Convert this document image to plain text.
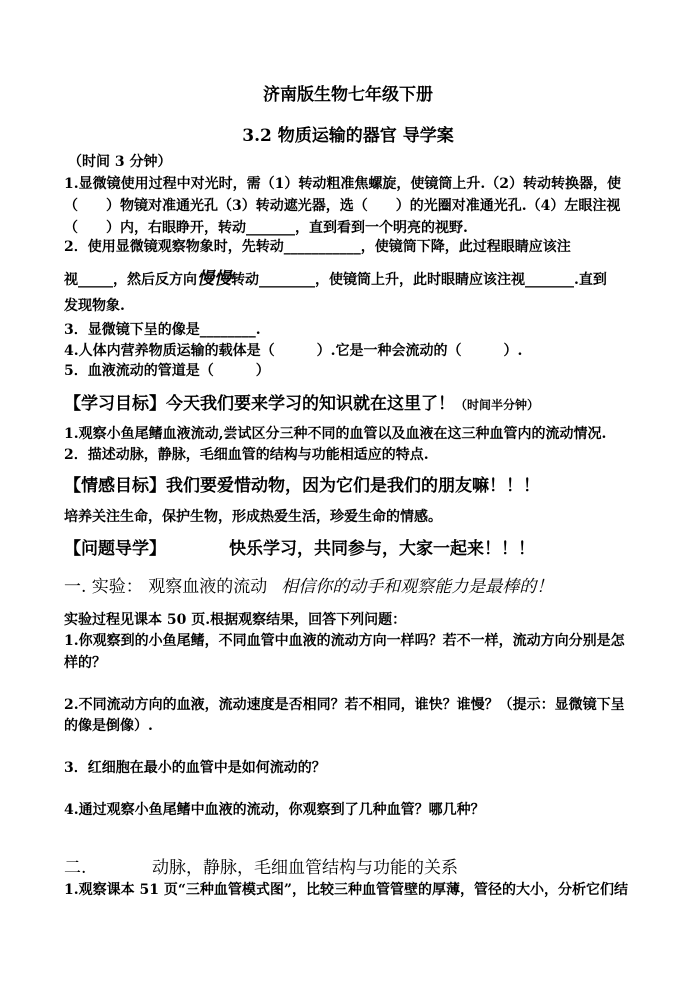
济南版生物七年级下册
3.2 物质运输的器官 导学案
（时间 3 分钟）
1.显微镜使用过程中对光时，需（1）转动粗准焦螺旋，使镜筒上升.（2）转动转换器，使
（　　）物镜对准通光孔（3）转动遮光器，选（　　）的光圈对准通光孔.（4）左眼注视
（　　）内，右眼睁开，转动_______，直到看到一个明亮的视野.
2．使用显微镜观察物象时，先转动___________，使镜筒下降，此过程眼睛应该注
视_____，然后反方向慢慢转动________，使镜筒上升，此时眼睛应该注视_______.直到
发现物象.
3．显微镜下呈的像是________.
4.人体内营养物质运输的载体是（　　　）.它是一种会流动的（　　　）.
5．血液流动的管道是（　　　）
【学习目标】今天我们要来学习的知识就在这里了！（时间半分钟）
1.观察小鱼尾鳍血液流动,尝试区分三种不同的血管以及血液在这三种血管内的流动情况.
2．描述动脉，静脉，毛细血管的结构与功能相适应的特点.
【情感目标】我们要爱惜动物，因为它们是我们的朋友嘛！！！
培养关注生命，保护生物，形成热爱生活，珍爱生命的情感。
【问题导学】	快乐学习，共同参与，大家一起来！！！
一. 实验： 观察血液的流动 相信你的动手和观察能力是最棒的！
实验过程见课本 50 页.根据观察结果，回答下列问题：
1.你观察到的小鱼尾鳍，不同血管中血液的流动方向一样吗？若不一样，流动方向分别是怎
样的？
2.不同流动方向的血液，流动速度是否相同？若不相同，谁快？谁慢？（提示：显微镜下呈
的像是倒像）.
3．红细胞在最小的血管中是如何流动的？
4.通过观察小鱼尾鳍中血液的流动，你观察到了几种血管？哪几种？
二.	动脉，静脉，毛细血管结构与功能的关系
1.观察课本 51 页“三种血管模式图”，比较三种血管管壁的厚薄，管径的大小，分析它们结
